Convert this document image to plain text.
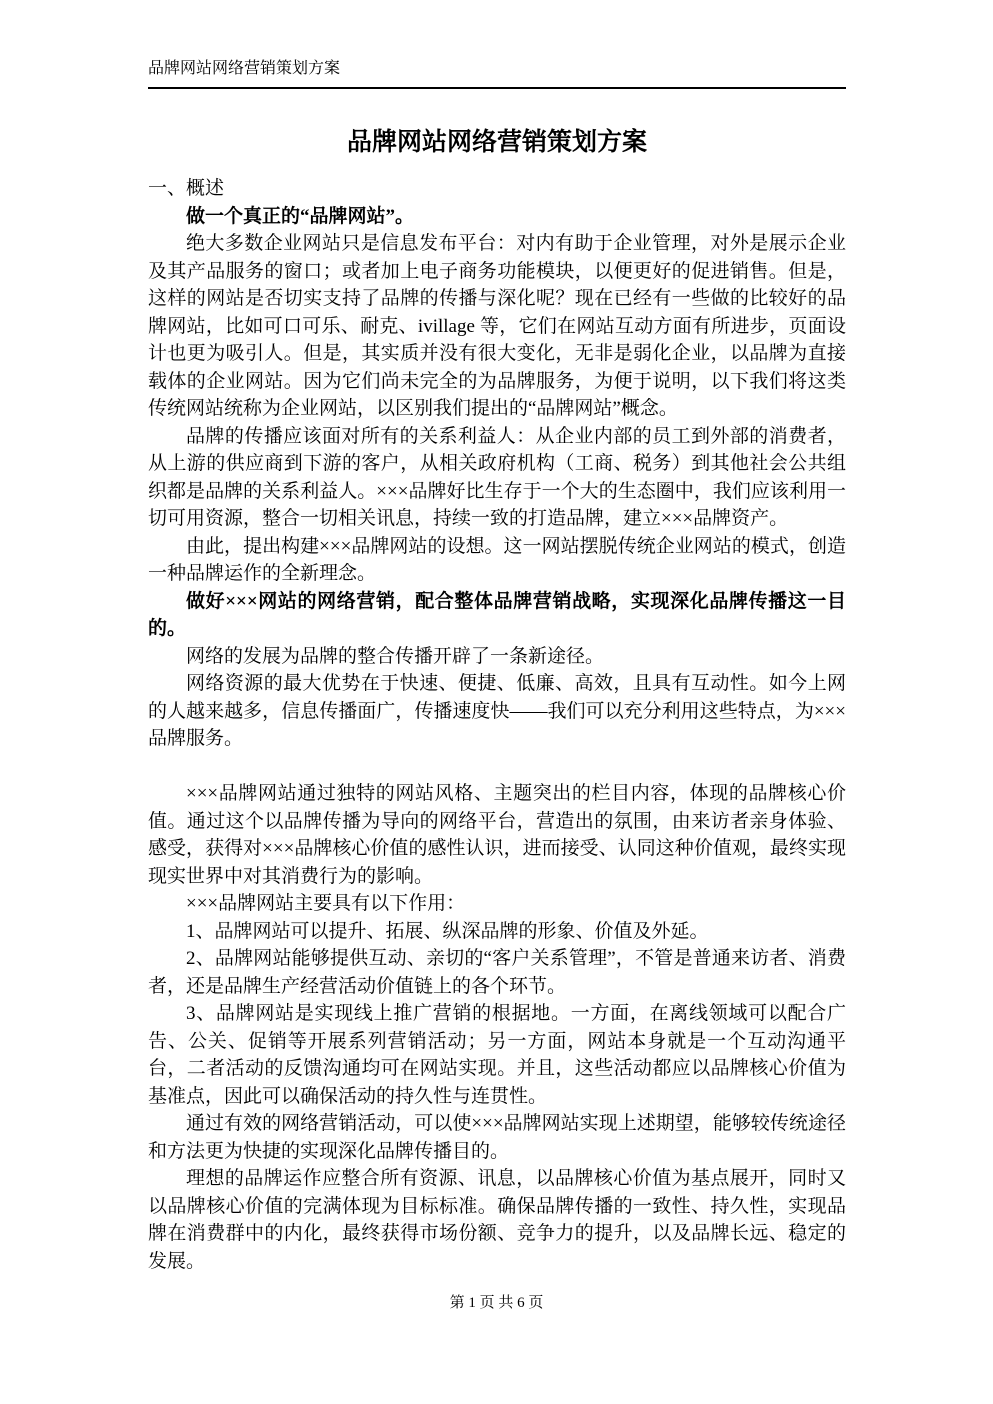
品牌网站网络营销策划方案
品牌网站网络营销策划方案

一、概述

做一个真正的“品牌网站”。

绝大多数企业网站只是信息发布平台：对内有助于企业管理，对外是展示企业及其产品服务的窗口；或者加上电子商务功能模块，以便更好的促进销售。但是，这样的网站是否切实支持了品牌的传播与深化呢？现在已经有一些做的比较好的品牌网站，比如可口可乐、耐克、ivillage 等，它们在网站互动方面有所进步，页面设计也更为吸引人。但是，其实质并没有很大变化，无非是弱化企业，以品牌为直接载体的企业网站。因为它们尚未完全的为品牌服务，为便于说明，以下我们将这类传统网站统称为企业网站，以区别我们提出的“品牌网站”概念。

品牌的传播应该面对所有的关系利益人：从企业内部的员工到外部的消费者，从上游的供应商到下游的客户，从相关政府机构（工商、税务）到其他社会公共组织都是品牌的关系利益人。×××品牌好比生存于一个大的生态圈中，我们应该利用一切可用资源，整合一切相关讯息，持续一致的打造品牌，建立×××品牌资产。

由此，提出构建×××品牌网站的设想。这一网站摆脱传统企业网站的模式，创造一种品牌运作的全新理念。

做好×××网站的网络营销，配合整体品牌营销战略，实现深化品牌传播这一目的。

网络的发展为品牌的整合传播开辟了一条新途径。

网络资源的最大优势在于快速、便捷、低廉、高效，且具有互动性。如今上网的人越来越多，信息传播面广，传播速度快——我们可以充分利用这些特点，为×××品牌服务。

×××品牌网站通过独特的网站风格、主题突出的栏目内容，体现的品牌核心价值。通过这个以品牌传播为导向的网络平台，营造出的氛围，由来访者亲身体验、感受，获得对×××品牌核心价值的感性认识，进而接受、认同这种价值观，最终实现现实世界中对其消费行为的影响。

×××品牌网站主要具有以下作用：

1、品牌网站可以提升、拓展、纵深品牌的形象、价值及外延。

2、品牌网站能够提供互动、亲切的“客户关系管理”，不管是普通来访者、消费者，还是品牌生产经营活动价值链上的各个环节。

3、品牌网站是实现线上推广营销的根据地。一方面，在离线领域可以配合广告、公关、促销等开展系列营销活动；另一方面，网站本身就是一个互动沟通平台，二者活动的反馈沟通均可在网站实现。并且，这些活动都应以品牌核心价值为基准点，因此可以确保活动的持久性与连贯性。

通过有效的网络营销活动，可以使×××品牌网站实现上述期望，能够较传统途径和方法更为快捷的实现深化品牌传播目的。

理想的品牌运作应整合所有资源、讯息，以品牌核心价值为基点展开，同时又以品牌核心价值的完满体现为目标标准。确保品牌传播的一致性、持久性，实现品牌在消费群中的内化，最终获得市场份额、竞争力的提升，以及品牌长远、稳定的发展。

第 1 页 共 6 页
